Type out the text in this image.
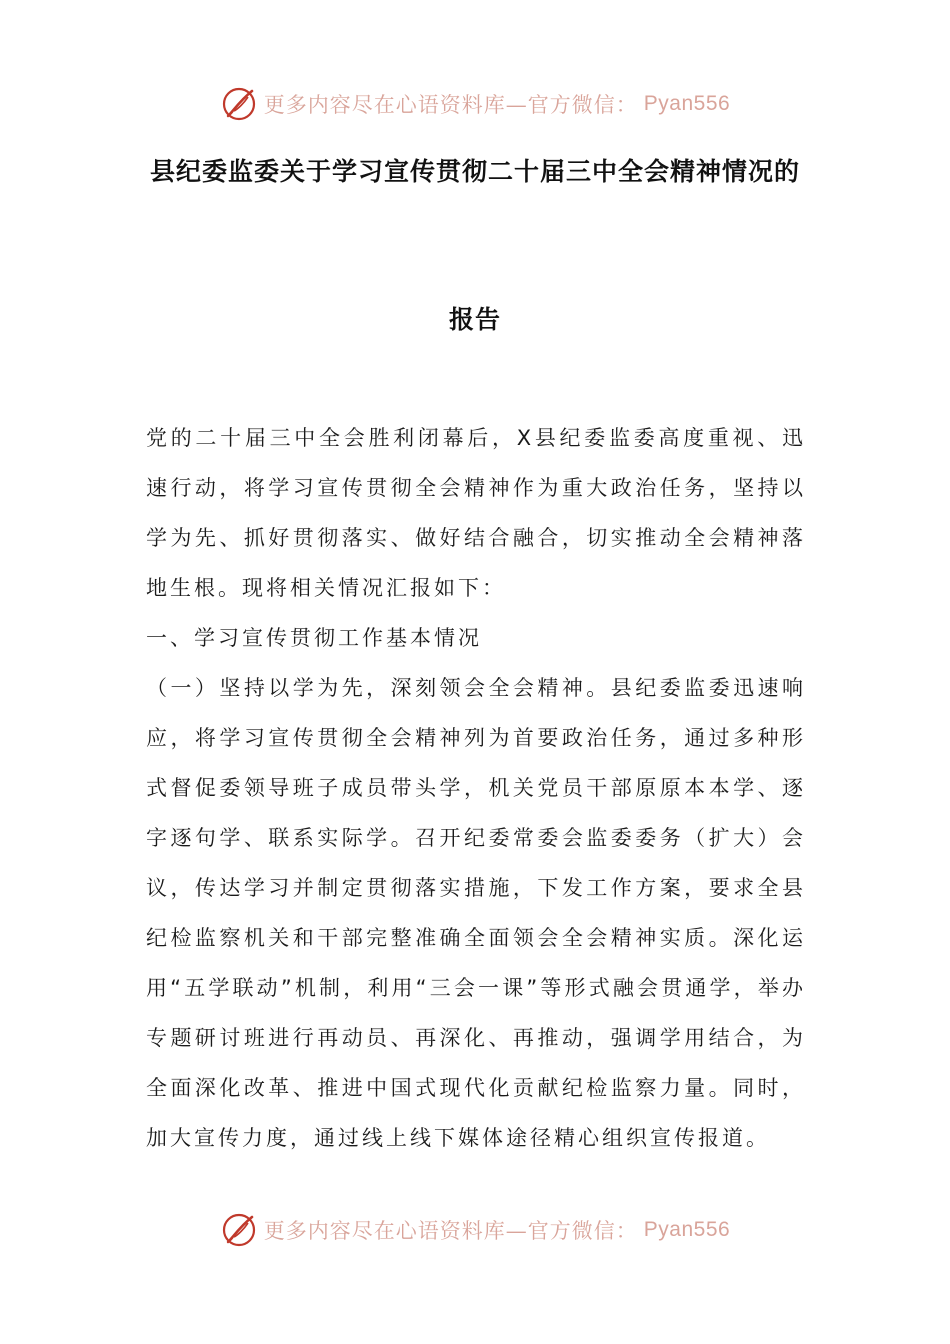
更多内容尽在心语资料库—官方微信： Pyan556
县纪委监委关于学习宣传贯彻二十届三中全会精神情况的
报告

党的二十届三中全会胜利闭幕后，X县纪委监委高度重视、迅速行动，将学习宣传贯彻全会精神作为重大政治任务，坚持以学为先、抓好贯彻落实、做好结合融合，切实推动全会精神落地生根。现将相关情况汇报如下：

一、学习宣传贯彻工作基本情况

（一）坚持以学为先，深刻领会全会精神。县纪委监委迅速响应，将学习宣传贯彻全会精神列为首要政治任务，通过多种形式督促委领导班子成员带头学，机关党员干部原原本本学、逐字逐句学、联系实际学。召开纪委常委会监委委务（扩大）会议，传达学习并制定贯彻落实措施，下发工作方案，要求全县纪检监察机关和干部完整准确全面领会全会精神实质。深化运用“五学联动”机制，利用“三会一课”等形式融会贯通学，举办专题研讨班进行再动员、再深化、再推动，强调学用结合，为全面深化改革、推进中国式现代化贡献纪检监察力量。同时，加大宣传力度，通过线上线下媒体途径精心组织宣传报道。

更多内容尽在心语资料库—官方微信： Pyan556
